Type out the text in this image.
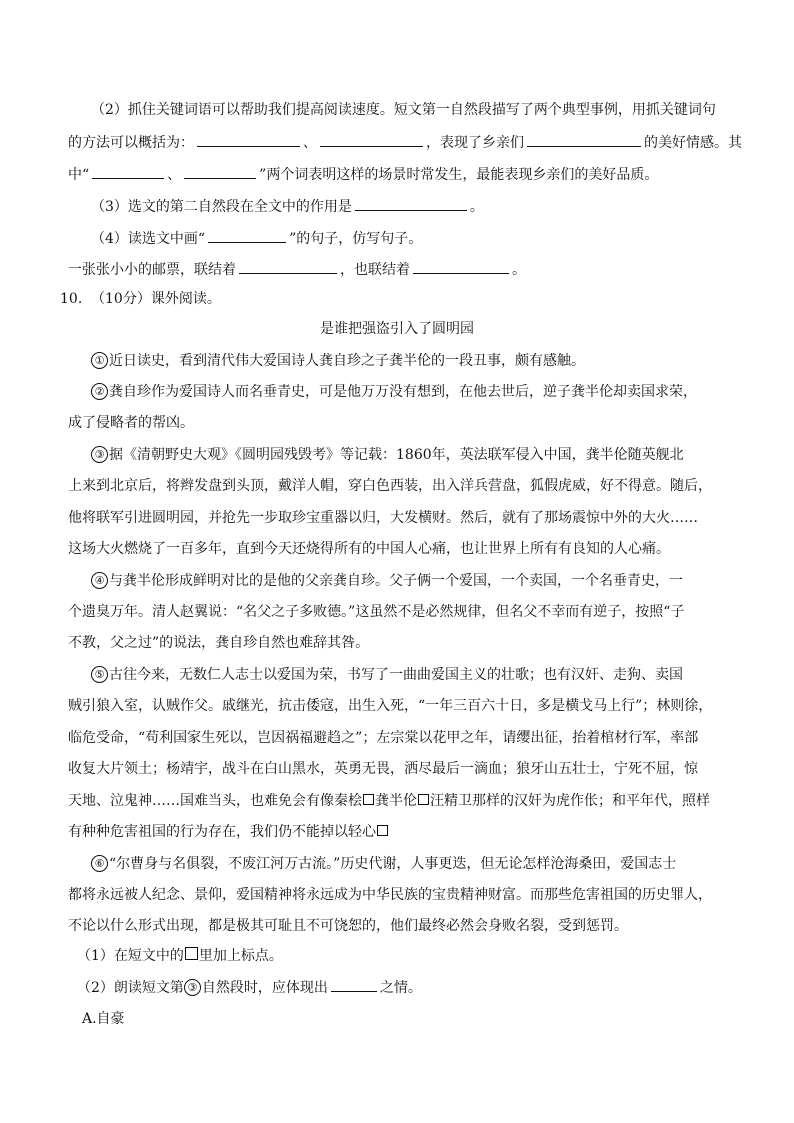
（2）抓住关键词语可以帮助我们提高阅读速度。短文第一自然段描写了两个典型事例，用抓关键词句
的方法可以概括为：	、	，表现了乡亲们	的美好情感。其
中“	、	”两个词表明这样的场景时常发生，最能表现乡亲们的美好品质。
（3）选文的第二自然段在全文中的作用是	。
（4）读选文中画“	”的句子，仿写句子。
一张张小小的邮票，联结着	，也联结着	。
10. （10分）课外阅读。
是谁把强盗引入了圆明园
① 近日读史，看到清代伟大爱国诗人龚自珍之子龚半伦的一段丑事，颇有感触。
② 龚自珍作为爱国诗人而名垂青史，可是他万万没有想到，在他去世后，逆子龚半伦却卖国求荣，
成了侵略者的帮凶。
③ 据《清朝野史大观》《圆明园残毁考》等记载：1860年，英法联军侵入中国，龚半伦随英舰北
上来到北京后，将辫发盘到头顶，戴洋人帽，穿白色西装，出入洋兵营盘，狐假虎威，好不得意。随后，
他将联军引进圆明园，并抢先一步取珍宝重器以归，大发横财。然后，就有了那场震惊中外的大火……
这场大火燃烧了一百多年，直到今天还烧得所有的中国人心痛，也让世界上所有有良知的人心痛。
④ 与龚半伦形成鲜明对比的是他的父亲龚自珍。父子俩一个爱国，一个卖国，一个名垂青史，一
个遗臭万年。清人赵翼说：“名父之子多败德。”这虽然不是必然规律，但名父不幸而有逆子，按照“子
不教，父之过”的说法，龚自珍自然也难辞其咎。
⑤ 古往今来，无数仁人志士以爱国为荣，书写了一曲曲爱国主义的壮歌；也有汉奸、走狗、卖国
贼引狼入室，认贼作父。戚继光，抗击倭寇，出生入死，“一年三百六十日，多是横戈马上行”；林则徐，
临危受命，“苟利国家生死以，岂因祸福避趋之”；左宗棠以花甲之年，请缨出征，抬着棺材行军，率部
收复大片领土；杨靖宇，战斗在白山黑水，英勇无畏，洒尽最后一滴血；狼牙山五壮士，宁死不屈，惊
天地、泣鬼神……国难当头，也难免会有像秦桧 龚半伦 汪精卫那样的汉奸为虎作伥；和平年代，照样
有种种危害祖国的行为存在，我们仍不能掉以轻心
⑥ “尔曹身与名俱裂，不废江河万古流。”历史代谢，人事更迭，但无论怎样沧海桑田，爱国志士
都将永远被人纪念、景仰，爱国精神将永远成为中华民族的宝贵精神财富。而那些危害祖国的历史罪人，
不论以什么形式出现，都是极其可耻且不可饶恕的，他们最终必然会身败名裂，受到惩罚。
（1）在短文中的 里加上标点。
（2）朗读短文第 ③ 自然段时，应体现出	之情。
A.自豪
